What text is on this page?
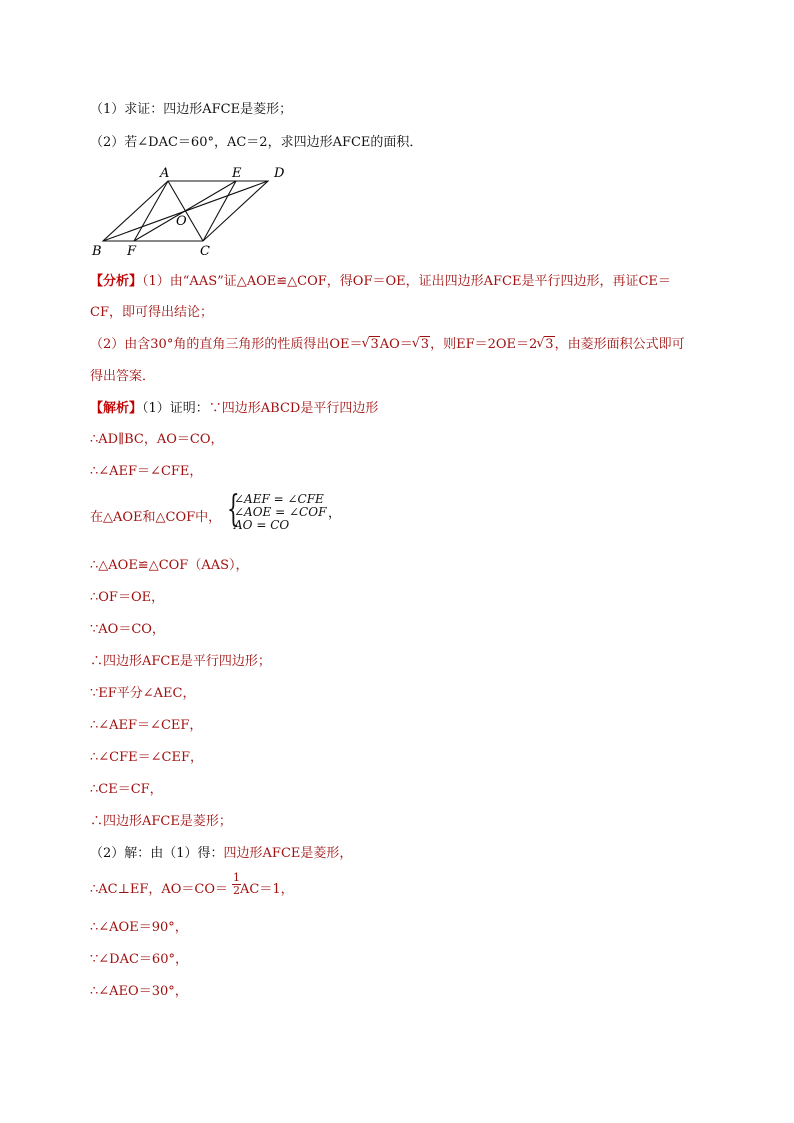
（1）求证：四边形AFCE是菱形；
（2）若∠DAC＝60°，AC＝2，求四边形AFCE的面积．
A	E	D
O
B F	C
【分析】（1）由“AAS”证△AOE≌△COF，得OF＝OE，证出四边形AFCE是平行四边形，再证CE＝
CF，即可得出结论；
（2）由含30°角的直角三角形的性质得出OE＝ √ 3AO＝ √ 3，则EF＝2OE＝2 √ 3，由菱形面积公式即可
得出答案．
【解析】（1）证明：∵四边形ABCD是平行四边形
∴AD∥BC，AO＝CO，
∴∠AEF＝∠CFE，
在△AOE和△COF中， {
∠AEF = ∠CFE
∠AOE = ∠COF
AO = CO
，
∴△AOE≌△COF（AAS），
∴OF＝OE，
∵AO＝CO，
∴四边形AFCE是平行四边形；
∵EF平分∠AEC，
∴∠AEF＝∠CEF，
∴∠CFE＝∠CEF，
∴CE＝CF，
∴四边形AFCE是菱形；
（2）解：由（1）得：四边形AFCE是菱形，
∴AC⊥EF，AO＝CO＝ AC＝1，
$\frac{1}{2}$
∴∠AOE＝90°，
∵∠DAC＝60°，
∴∠AEO＝30°，
